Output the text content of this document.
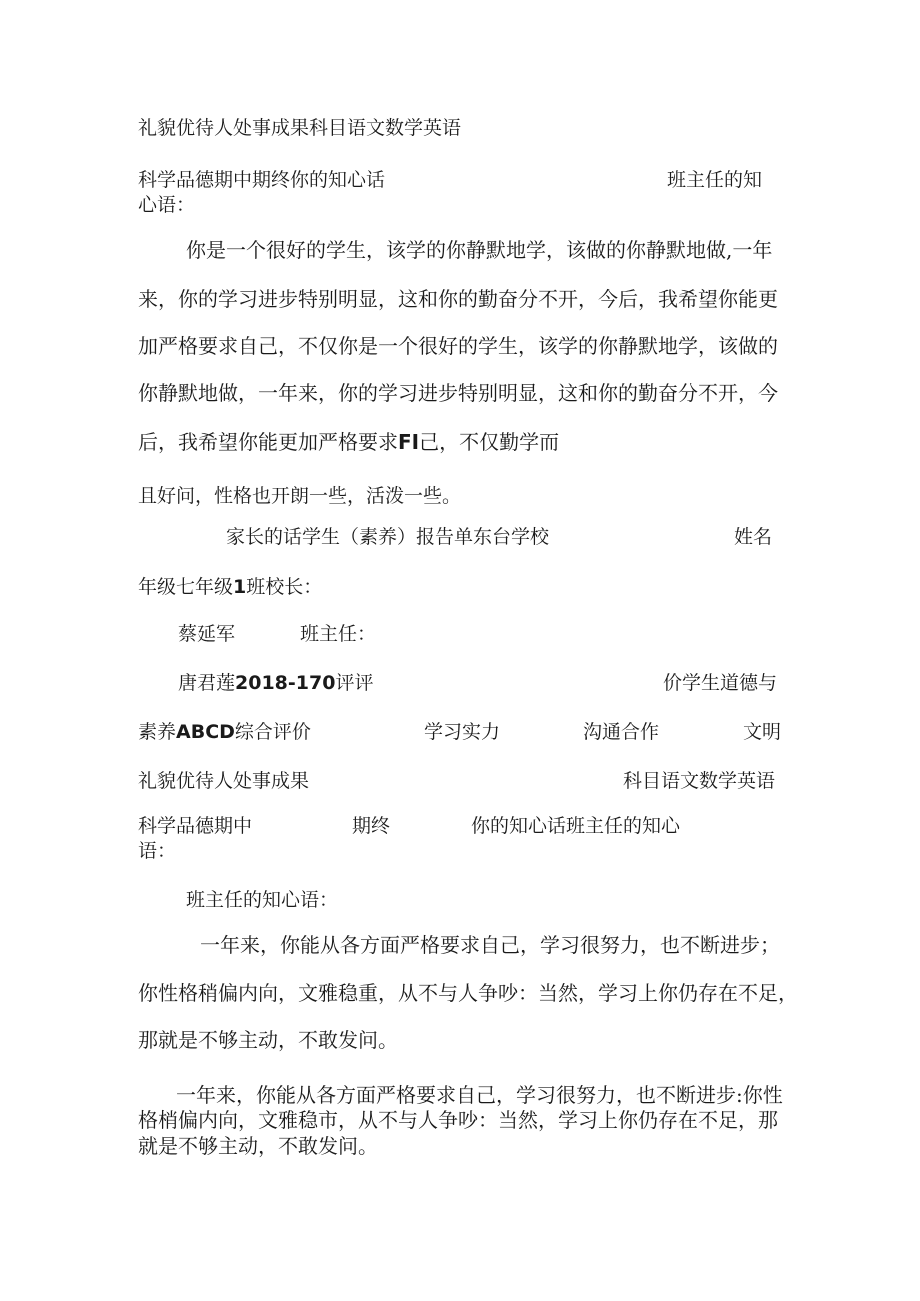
礼貌优待人处事成果科目语文数学英语
科学品德期中期终你的知心话	班主任的知
心语：
你是一个很好的学生，该学的你静默地学，该做的你静默地做,一年
来，你的学习进步特别明显，这和你的勤奋分不开，今后，我希望你能更
加严格要求自己，不仅你是一个很好的学生，该学的你静默地学，该做的
你静默地做，一年来，你的学习进步特别明显，这和你的勤奋分不开，今
后，我希望你能更加严格要求FI己，不仅勤学而
且好问，性格也开朗一些，活泼一些。
家长的话学生（素养）报告单东台学校	姓名
年级七年级1班校长：
蔡延军	班主任：
唐君莲2018-170评评	价学生道德与
素养ABCD综合评价	学习实力	沟通合作	文明
礼貌优待人处事成果	科目语文数学英语
科学品德期中	期终	你的知心话班主任的知心
语：
班主任的知心语：
一年来，你能从各方面严格要求自己，学习很努力，也不断进步；
你性格稍偏内向，文雅稳重，从不与人争吵：当然，学习上你仍存在不足，
那就是不够主动，不敢发问。
一年来，你能从各方面严格要求自己，学习很努力，也不断进步:你性
格梢偏内向，文雅稳市，从不与人争吵：当然，学习上你仍存在不足，那
就是不够主动，不敢发问。
